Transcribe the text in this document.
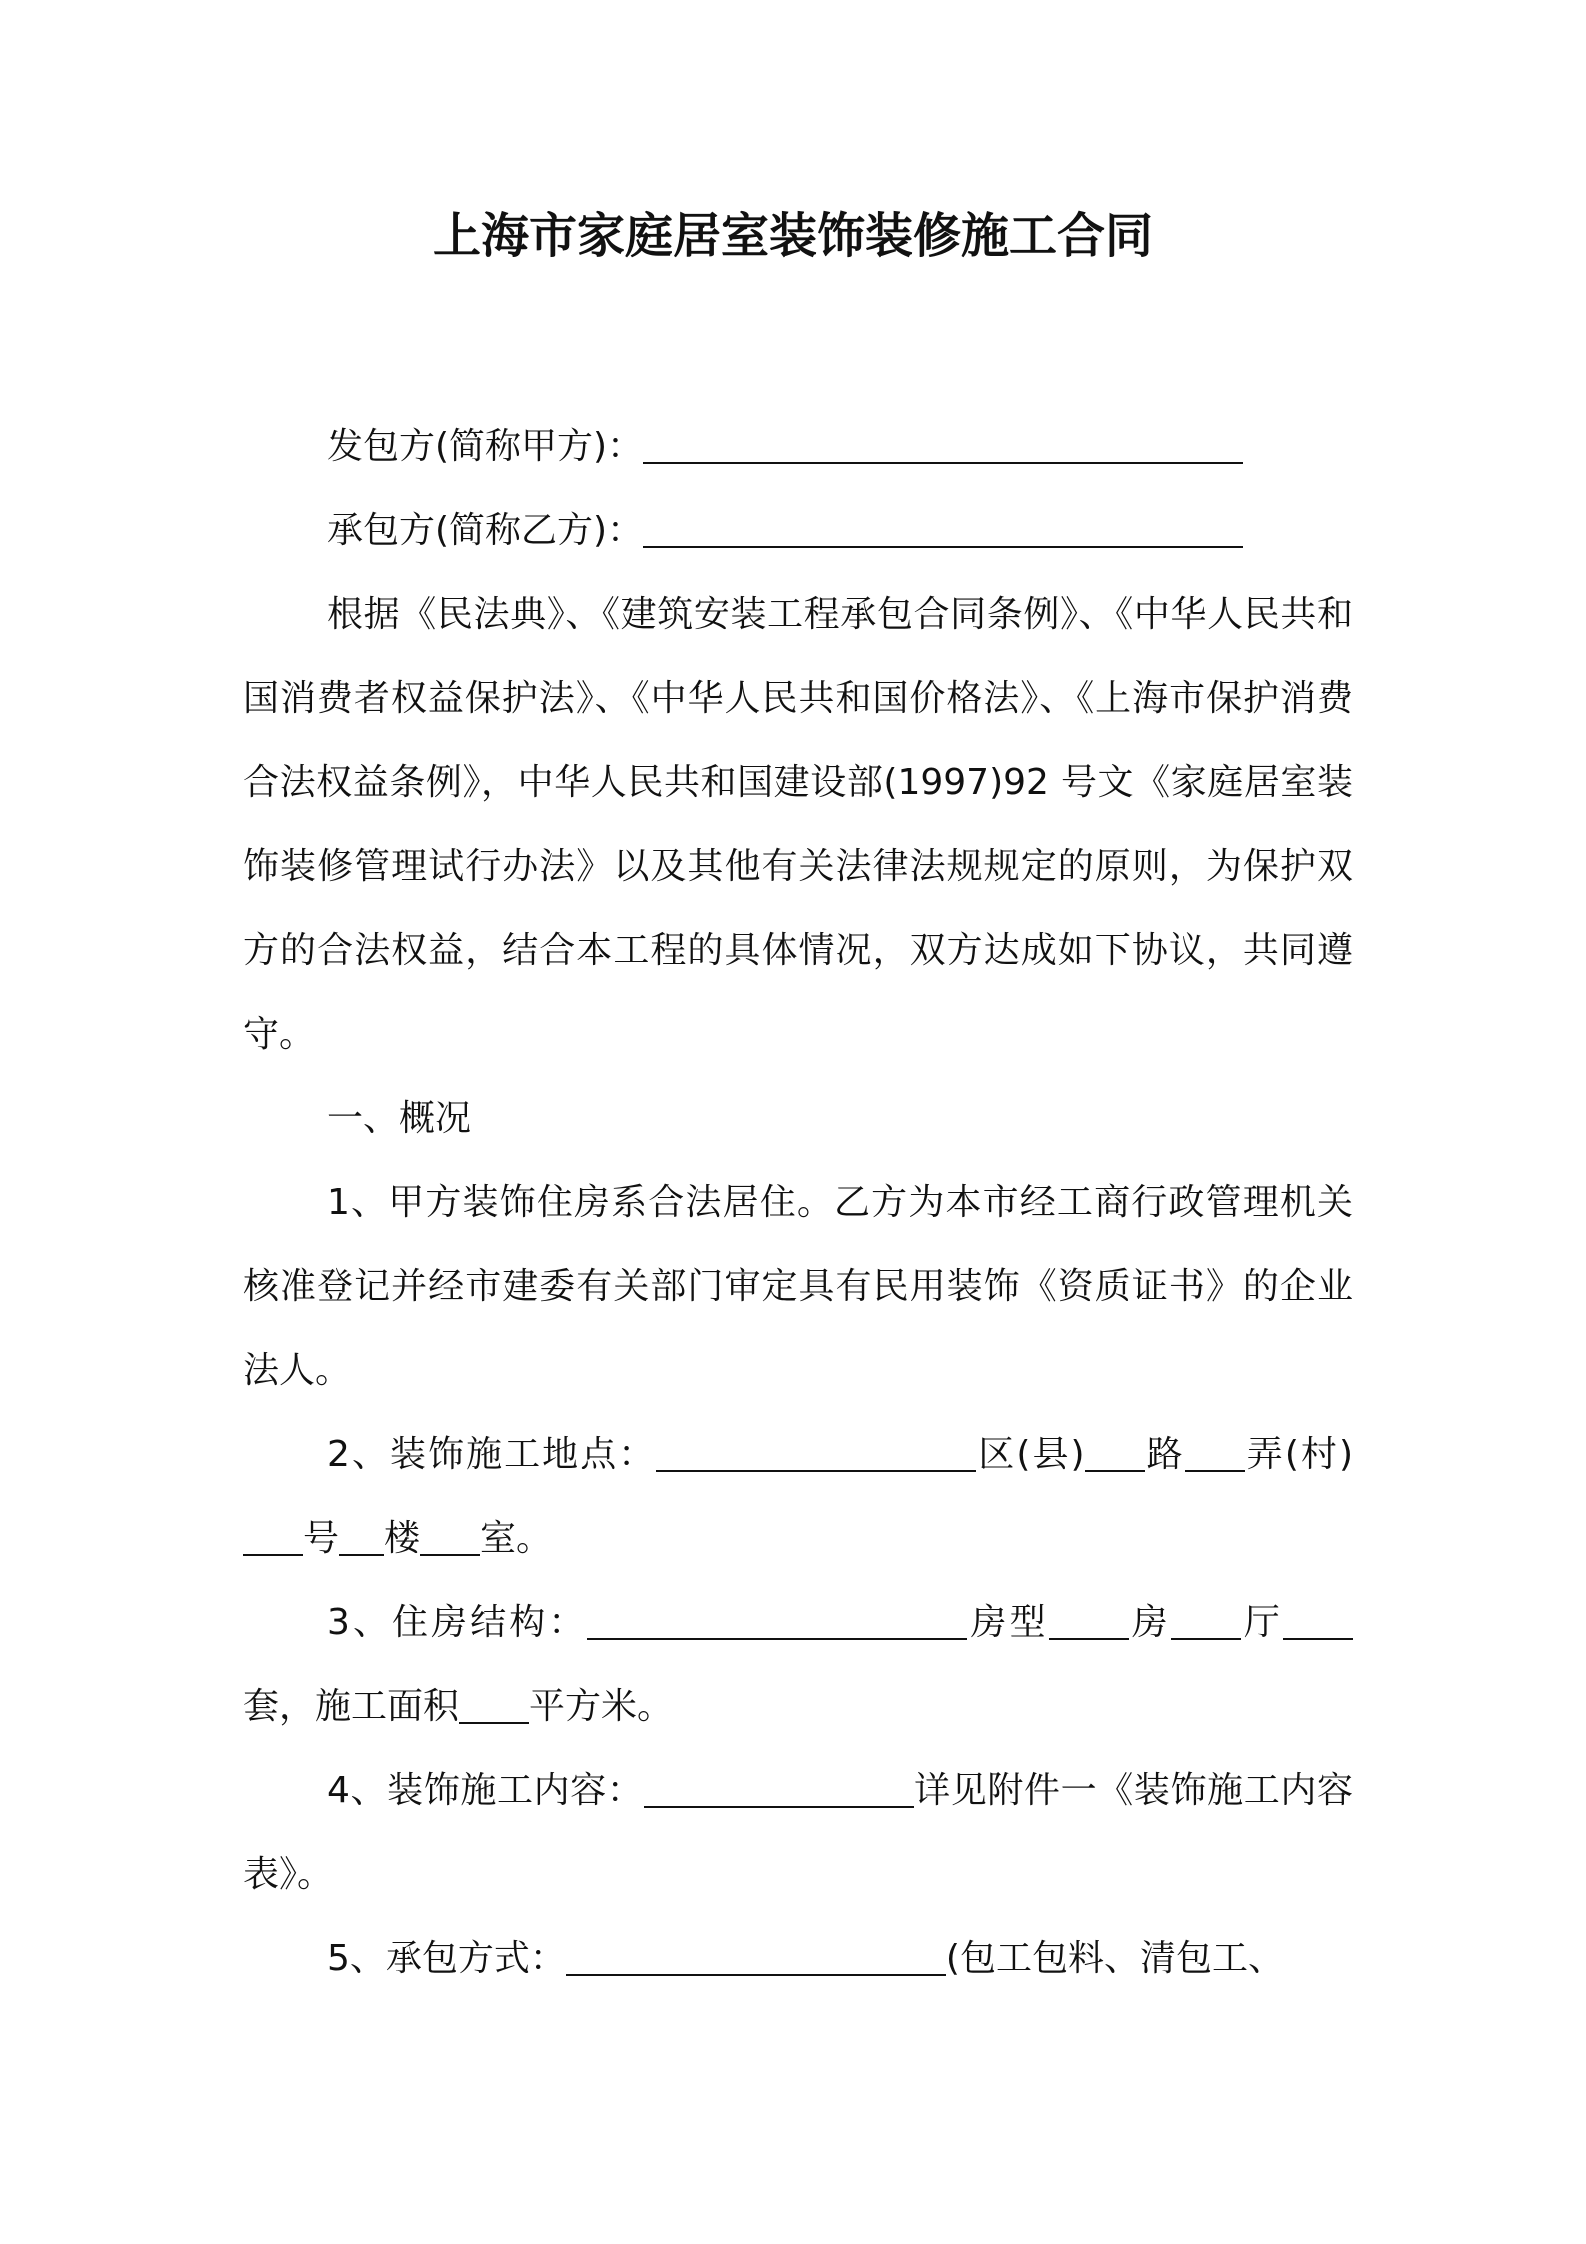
上海市家庭居室装饰装修施工合同

发包方(简称甲方)：

承包方(简称乙方)：

根据《民法典》、《建筑安装工程承包合同条例》、《中华人民共和国消费者权益保护法》、《中华人民共和国价格法》、《上海市保护消费合法权益条例》，中华人民共和国建设部(1997)92 号文《家庭居室装饰装修管理试行办法》以及其他有关法律法规规定的原则，为保护双方的合法权益，结合本工程的具体情况，双方达成如下协议，共同遵守。

一、概况

1、甲方装饰住房系合法居住。乙方为本市经工商行政管理机关核准登记并经市建委有关部门审定具有民用装饰《资质证书》的企业法人。

2、装饰施工地点：	区(县) 路 弄(村)号 楼 室。

3、住房结构：	房型 房 厅套，施工面积 平方米。

4、装饰施工内容：	详见附件一《装饰施工内容表》。

5、承包方式：	(包工包料、清包工、
